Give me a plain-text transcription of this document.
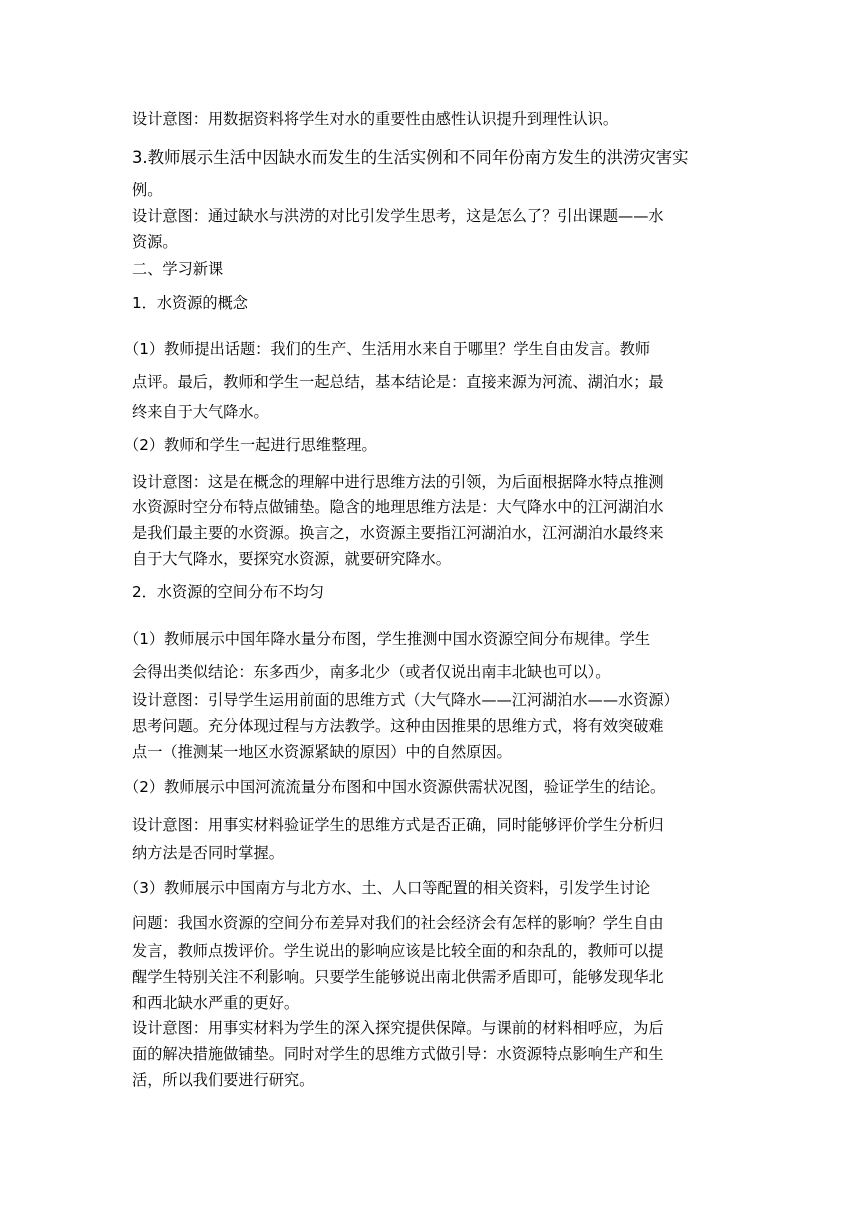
设计意图：用数据资料将学生对水的重要性由感性认识提升到理性认识。

3.教师展示生活中因缺水而发生的生活实例和不同年份南方发生的洪涝灾害实

例。

设计意图：通过缺水与洪涝的对比引发学生思考，这是怎么了？引出课题——水

资源。

二、学习新课

1．水资源的概念

（1）教师提出话题：我们的生产、生活用水来自于哪里？学生自由发言。教师

点评。最后，教师和学生一起总结，基本结论是：直接来源为河流、湖泊水；最

终来自于大气降水。

（2）教师和学生一起进行思维整理。

设计意图：这是在概念的理解中进行思维方法的引领，为后面根据降水特点推测

水资源时空分布特点做铺垫。隐含的地理思维方法是：大气降水中的江河湖泊水

是我们最主要的水资源。换言之，水资源主要指江河湖泊水，江河湖泊水最终来

自于大气降水，要探究水资源，就要研究降水。

2．水资源的空间分布不均匀

（1）教师展示中国年降水量分布图，学生推测中国水资源空间分布规律。学生

会得出类似结论：东多西少，南多北少（或者仅说出南丰北缺也可以）。

设计意图：引导学生运用前面的思维方式（大气降水——江河湖泊水——水资源）

思考问题。充分体现过程与方法教学。这种由因推果的思维方式，将有效突破难

点一（推测某一地区水资源紧缺的原因）中的自然原因。

（2）教师展示中国河流流量分布图和中国水资源供需状况图，验证学生的结论。

设计意图：用事实材料验证学生的思维方式是否正确，同时能够评价学生分析归

纳方法是否同时掌握。

（3）教师展示中国南方与北方水、土、人口等配置的相关资料，引发学生讨论

问题：我国水资源的空间分布差异对我们的社会经济会有怎样的影响？学生自由

发言，教师点拨评价。学生说出的影响应该是比较全面的和杂乱的，教师可以提

醒学生特别关注不利影响。只要学生能够说出南北供需矛盾即可，能够发现华北

和西北缺水严重的更好。

设计意图：用事实材料为学生的深入探究提供保障。与课前的材料相呼应，为后

面的解决措施做铺垫。同时对学生的思维方式做引导：水资源特点影响生产和生

活，所以我们要进行研究。
